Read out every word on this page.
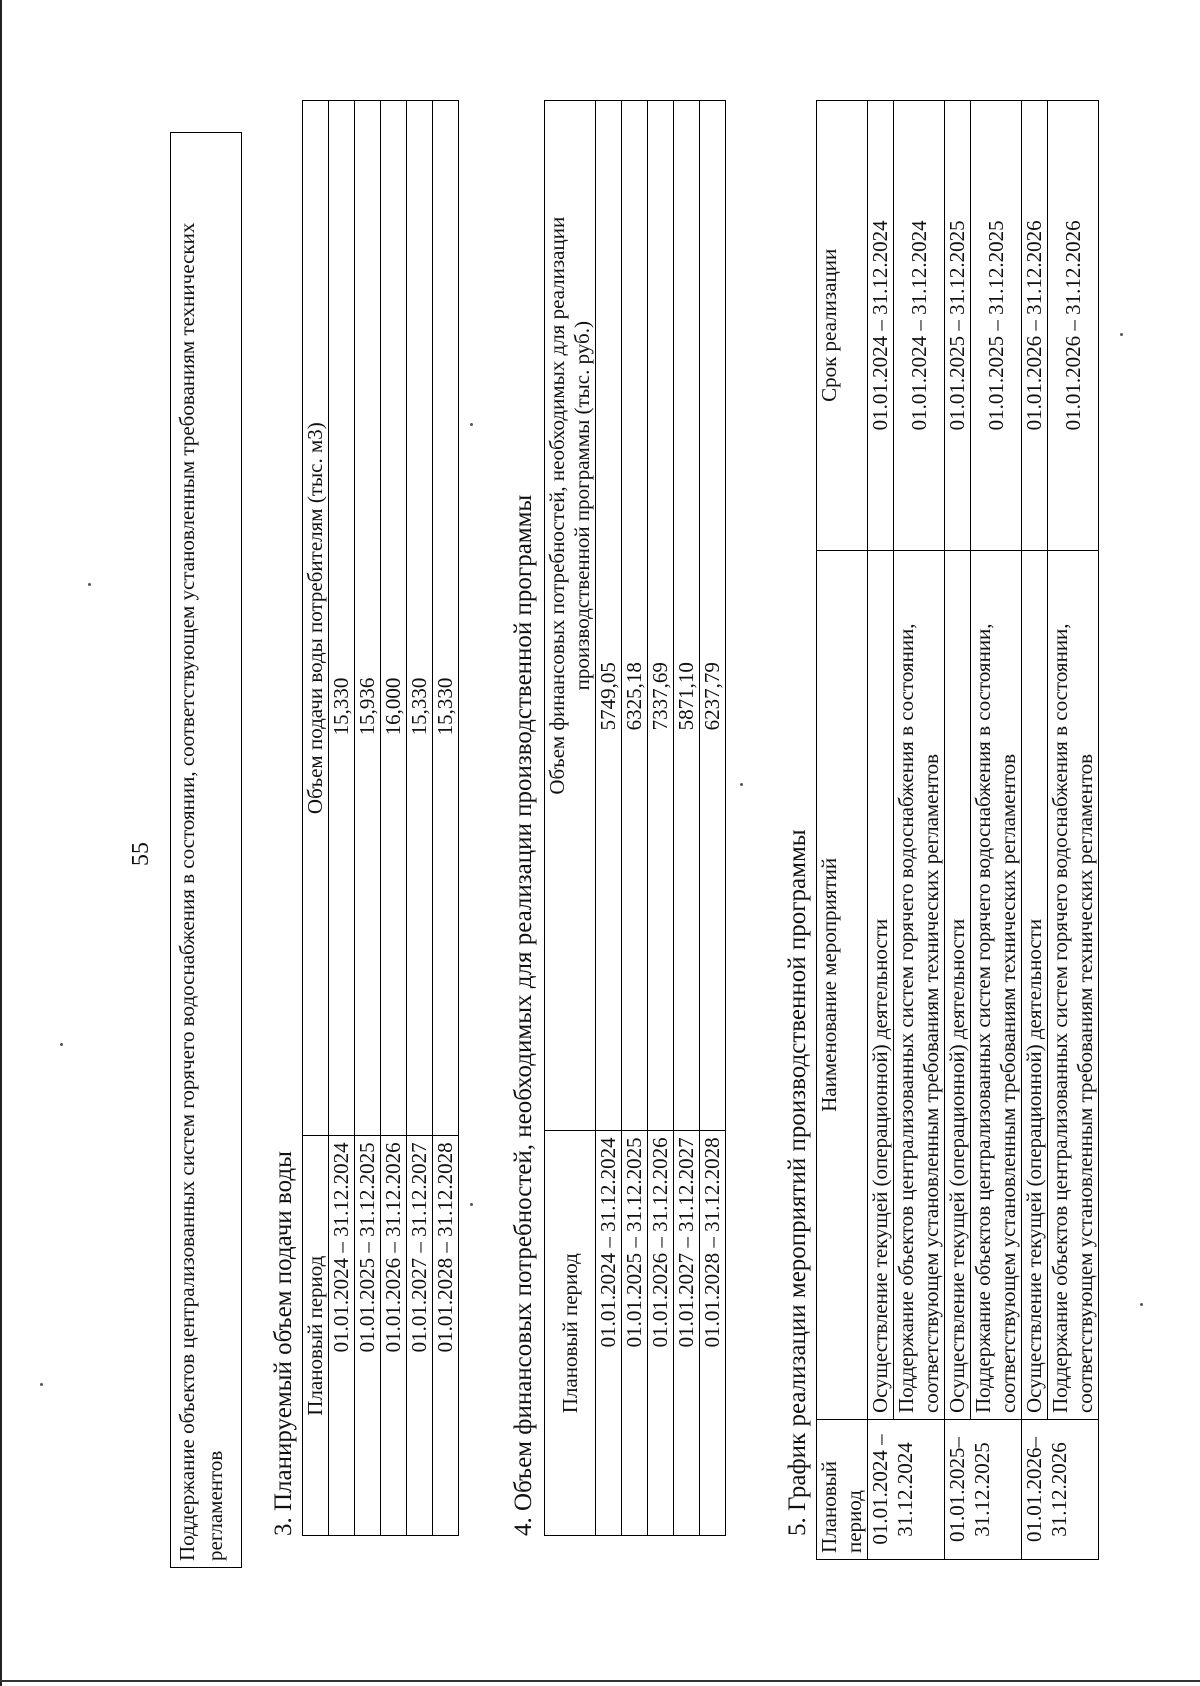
55 Поддержание объектов централизованных систем горячего водоснабжения в состоянии, соответствующем установленным требованиям технических регламентов	3. Планируемый объем подачи воды Плановый период	Объем подачи воды потребителям (тыс. м3)
01.01.2024 – 31.12.2024	15,330
01.01.2025 – 31.12.2025	15,936
01.01.2026 – 31.12.2026	16,000
01.01.2027 – 31.12.2027	15,330
01.01.2028 – 31.12.2028	15,330 4. Объем финансовых потребностей, необходимых для реализации производственной программы Плановый период	Объем финансовых потребностей, необходимых для реализации производственной программы (тыс. руб.)
01.01.2024 – 31.12.2024	5749,05
01.01.2025 – 31.12.2025	6325,18
01.01.2026 – 31.12.2026	7337,69
01.01.2027 – 31.12.2027	5871,10
01.01.2028 – 31.12.2028	6237,79
5. График реализации мероприятий производственной программы Плановый период	Наименование мероприятий	Срок реализации
01.01.2024 – 31.12.2024	Осуществление текущей (операционной) деятельности	01.01.2024 – 31.12.2024
	Поддержание объектов централизованных систем горячего водоснабжения в состоянии, соответствующем установленным требованиям технических регламентов	01.01.2024 – 31.12.2024
01.01.2025– 31.12.2025	Осуществление текущей (операционной) деятельности	01.01.2025 – 31.12.2025
	Поддержание объектов централизованных систем горячего водоснабжения в состоянии, соответствующем установленным требованиям технических регламентов	01.01.2025 – 31.12.2025
01.01.2026– 31.12.2026	Осуществление текущей (операционной) деятельности	01.01.2026 – 31.12.2026
	Поддержание объектов централизованных систем горячего водоснабжения в состоянии, соответствующем установленным требованиям технических регламентов	01.01.2026 – 31.12.2026
